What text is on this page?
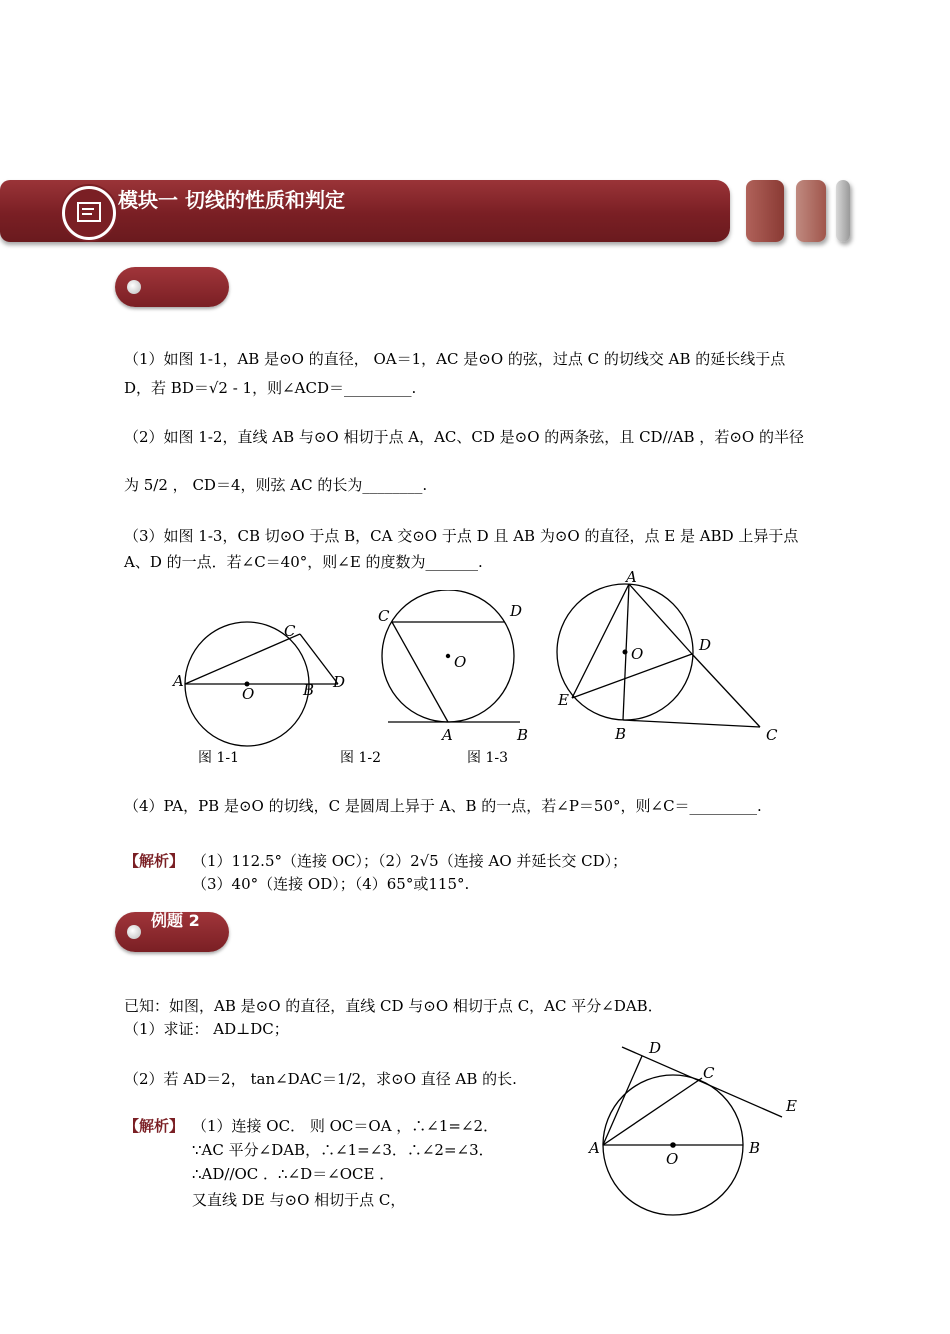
模块一 切线的性质和判定
（1）如图 1-1，AB 是⊙O 的直径， OA＝1，AC 是⊙O 的弦，过点 C 的切线交 AB 的延长线于点
D，若 BD＝√2 - 1，则∠ACD＝_________.
（2）如图 1-2，直线 AB 与⊙O 相切于点 A，AC、CD 是⊙O 的两条弦，且 CD//AB ，若⊙O 的半径
为 5/2 ， CD＝4，则弦 AC 的长为________.
（3）如图 1-3，CB 切⊙O 于点 B，CA 交⊙O 于点 D 且 AB 为⊙O 的直径，点 E 是 ABD 上异于点
A、D 的一点．若∠C＝40°，则∠E 的度数为_______.
A	B
C
D
O
图 1-1
C	D
O
A	B
图 1-2
A
D
O
E
B	C
图 1-3
（4）PA，PB 是⊙O 的切线，C 是圆周上异于 A、B 的一点，若∠P＝50°，则∠C＝_________.
【解析】 （1）112.5°（连接 OC）；（2）2√5（连接 AO 并延长交 CD）；
（3）40°（连接 OD）；（4）65°或115°.
例题 2
已知：如图，AB 是⊙O 的直径，直线 CD 与⊙O 相切于点 C，AC 平分∠DAB．
（1）求证： AD⊥DC；
（2）若 AD＝2， tan∠DAC＝1/2，求⊙O 直径 AB 的长.
【解析】 （1）连接 OC． 则 OC＝OA ，∴∠1=∠2．
∵AC 平分∠DAB，∴∠1=∠3．∴∠2=∠3．
∴AD//OC ．∴∠D＝∠OCE ．
又直线 DE 与⊙O 相切于点 C，
D
C
E
A	B
O
